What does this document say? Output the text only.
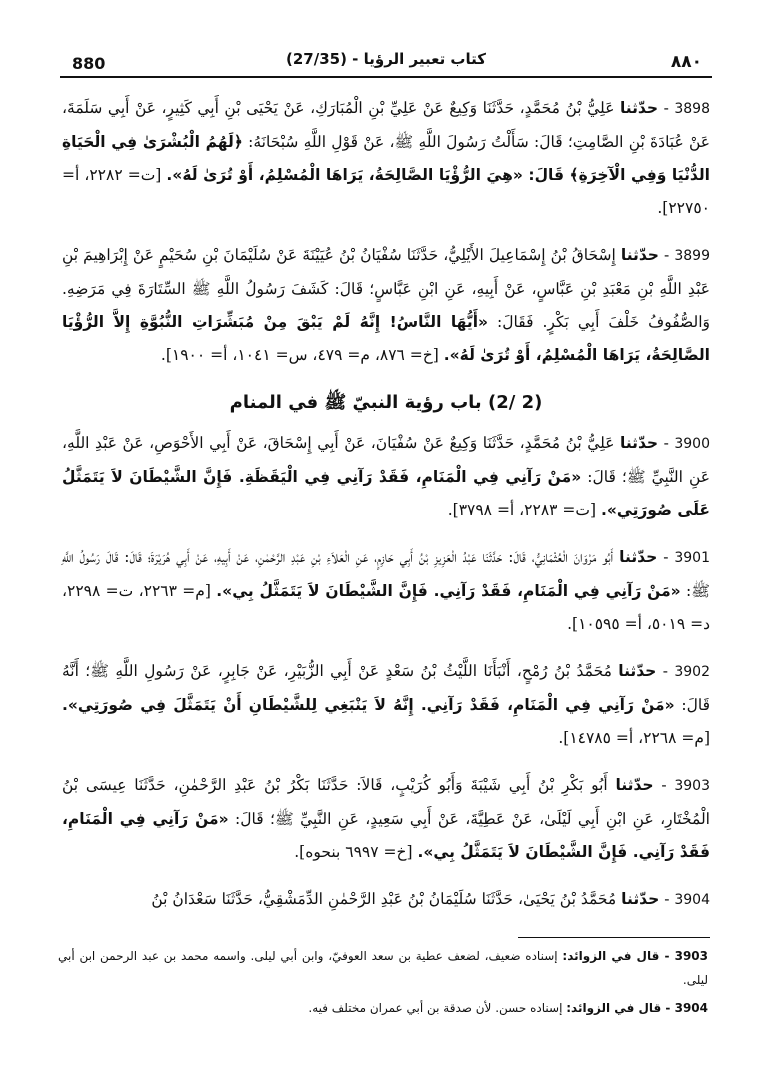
880	(27/35) - كتاب تعبير الرؤيا	٨٨٠

3898 - حدّثنا عَلِيُّ بْنُ مُحَمَّدٍ، حَدَّثَنَا وَكِيعٌ عَنْ عَلِيِّ بْنِ الْمُبَارَكِ، عَنْ يَحْيَى بْنِ أَبِي كَثِيرٍ، عَنْ أَبِي سَلَمَةَ، عَنْ عُبَادَةَ بْنِ الصَّامِتِ؛ قَالَ: سَأَلْتُ رَسُولَ اللَّهِ ﷺ، عَنْ قَوْلِ اللَّهِ سُبْحَانَهُ: ﴿لَهُمُ الْبُشْرَىٰ فِي الْحَيَاةِ الدُّنْيَا وَفِي الْآخِرَةِ﴾ قَالَ: «هِيَ الرُّؤْيَا الصَّالِحَةُ، يَرَاهَا الْمُسْلِمُ، أَوْ تُرَىٰ لَهُ». [ت= ٢٢٨٢، أ= ٢٢٧٥٠].

3899 - حدّثنا إِسْحَاقُ بْنُ إِسْمَاعِيلَ الأَيْلِيُّ، حَدَّثَنَا سُفْيَانُ بْنُ عُيَيْنَةَ عَنْ سُلَيْمَانَ بْنِ سُحَيْمٍ عَنْ إِبْرَاهِيمَ بْنِ عَبْدِ اللَّهِ بْنِ مَعْبَدِ بْنِ عَبَّاسٍ، عَنْ أَبِيهِ، عَنِ ابْنِ عَبَّاسٍ؛ قَالَ: كَشَفَ رَسُولُ اللَّهِ ﷺ السِّتَارَةَ فِي مَرَضِهِ. وَالصُّفُوفُ خَلْفَ أَبِي بَكْرٍ. فَقَالَ: «أَيُّهَا النَّاسُ! إِنَّهُ لَمْ يَبْقَ مِنْ مُبَشِّرَاتِ النُّبُوَّةِ إِلاَّ الرُّؤْيَا الصَّالِحَةُ، يَرَاهَا الْمُسْلِمُ، أَوْ تُرَىٰ لَهُ». [خ= ٨٧٦، م= ٤٧٩، س= ١٠٤١، أ= ١٩٠٠].

(2 /2) باب رؤية النبيّ ﷺ في المنام

3900 - حدّثنا عَلِيُّ بْنُ مُحَمَّدٍ، حَدَّثَنَا وَكِيعٌ عَنْ سُفْيَانَ، عَنْ أَبِي إِسْحَاقَ، عَنْ أَبِي الأَحْوَصِ، عَنْ عَبْدِ اللَّهِ، عَنِ النَّبِيِّ ﷺ؛ قَالَ: «مَنْ رَآنِي فِي الْمَنَامِ، فَقَدْ رَآنِي فِي الْيَقَظَةِ. فَإِنَّ الشَّيْطَانَ لاَ يَتَمَثَّلُ عَلَى صُورَتِي». [ت= ٢٢٨٣، أ= ٣٧٩٨].

3901 - حدّثنا أَبُو مَرْوَانَ الْعُثْمَانِيُّ، قَالَ: حَدَّثَنَا عَبْدُ الْعَزِيزِ بْنُ أَبِي حَازِمٍ، عَنِ الْعَلاَءِ بْنِ عَبْدِ الرَّحْمٰنِ، عَنْ أَبِيهِ، عَنْ أَبِي هُرَيْرَةَ؛ قَالَ: قَالَ رَسُولُ اللَّهِ ﷺ: «مَنْ رَآنِي فِي الْمَنَامِ، فَقَدْ رَآنِي. فَإِنَّ الشَّيْطَانَ لاَ يَتَمَثَّلُ بِي». [م= ٢٢٦٣، ت= ٢٢٩٨، د= ٥٠١٩، أ= ١٠٥٩٥].

3902 - حدّثنا مُحَمَّدُ بْنُ رُمْحٍ، أَنْبَأَنَا اللَّيْثُ بْنُ سَعْدٍ عَنْ أَبِي الزُّبَيْرِ، عَنْ جَابِرٍ، عَنْ رَسُولِ اللَّهِ ﷺ؛ أَنَّهُ قَالَ: «مَنْ رَآنِي فِي الْمَنَامِ، فَقَدْ رَآنِي. إِنَّهُ لاَ يَنْبَغِي لِلشَّيْطَانِ أَنْ يَتَمَثَّلَ فِي صُورَتِي». [م= ٢٢٦٨، أ= ١٤٧٨٥].

3903 - حدّثنا أَبُو بَكْرِ بْنُ أَبِي شَيْبَةَ وَأَبُو كُرَيْبٍ، قَالاَ: حَدَّثَنَا بَكْرُ بْنُ عَبْدِ الرَّحْمٰنِ، حَدَّثَنَا عِيسَى بْنُ الْمُخْتَارِ، عَنِ ابْنِ أَبِي لَيْلَىٰ، عَنْ عَطِيَّةَ، عَنْ أَبِي سَعِيدٍ، عَنِ النَّبِيِّ ﷺ؛ قَالَ: «مَنْ رَآنِي فِي الْمَنَامِ، فَقَدْ رَآنِي. فَإِنَّ الشَّيْطَانَ لاَ يَتَمَثَّلُ بِي». [خ= ٦٩٩٧ بنحوه].

3904 - حدّثنا مُحَمَّدُ بْنُ يَحْيَىٰ، حَدَّثَنَا سُلَيْمَانُ بْنُ عَبْدِ الرَّحْمٰنِ الدِّمَشْقِيُّ، حَدَّثَنَا سَعْدَانُ بْنُ

3903 - قال في الزوائد: إسناده ضعيف، لضعف عطية بن سعد العوفيّ، وابن أبي ليلى. واسمه محمد بن عبد الرحمن ابن أبي ليلى.

3904 - قال في الزوائد: إسناده حسن. لأن صدقة بن أبي عمران مختلف فيه.
